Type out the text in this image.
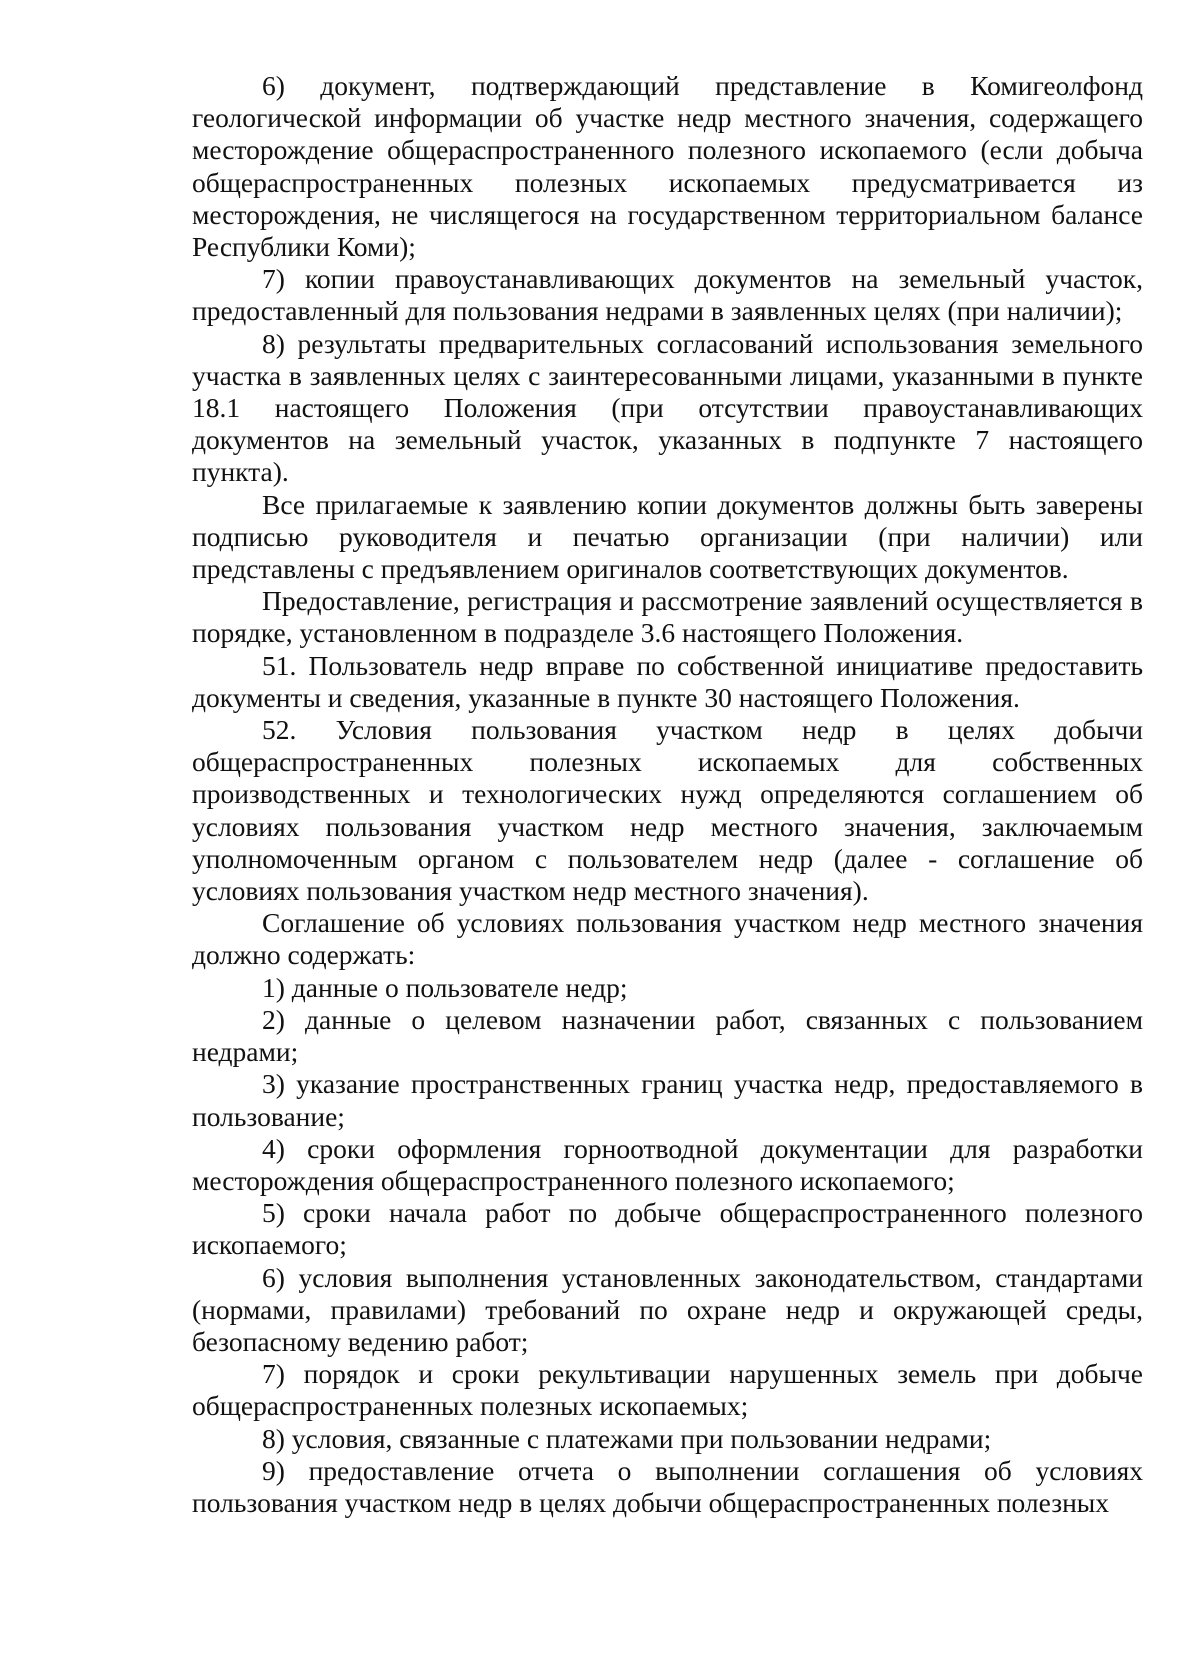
6) документ, подтверждающий представление в Комигеолфонд геологической информации об участке недр местного значения, содержащего месторождение общераспространенного полезного ископаемого (если добыча общераспространенных полезных ископаемых предусматривается из месторождения, не числящегося на государственном территориальном балансе Республики Коми);

7) копии правоустанавливающих документов на земельный участок, предоставленный для пользования недрами в заявленных целях (при наличии);

8) результаты предварительных согласований использования земельного участка в заявленных целях с заинтересованными лицами, указанными в пункте 18.1 настоящего Положения (при отсутствии правоустанавливающих документов на земельный участок, указанных в подпункте 7 настоящего пункта).

Все прилагаемые к заявлению копии документов должны быть заверены подписью руководителя и печатью организации (при наличии) или представлены с предъявлением оригиналов соответствующих документов.

Предоставление, регистрация и рассмотрение заявлений осуществляется в порядке, установленном в подразделе 3.6 настоящего Положения.

51. Пользователь недр вправе по собственной инициативе предоставить документы и сведения, указанные в пункте 30 настоящего Положения.

52. Условия пользования участком недр в целях добычи общераспространенных полезных ископаемых для собственных производственных и технологических нужд определяются соглашением об условиях пользования участком недр местного значения, заключаемым уполномоченным органом с пользователем недр (далее - соглашение об условиях пользования участком недр местного значения).

Соглашение об условиях пользования участком недр местного значения должно содержать:

1) данные о пользователе недр;

2) данные о целевом назначении работ, связанных с пользованием недрами;

3) указание пространственных границ участка недр, предоставляемого в пользование;

4) сроки оформления горноотводной документации для разработки месторождения общераспространенного полезного ископаемого;

5) сроки начала работ по добыче общераспространенного полезного ископаемого;

6) условия выполнения установленных законодательством, стандартами (нормами, правилами) требований по охране недр и окружающей среды, безопасному ведению работ;

7) порядок и сроки рекультивации нарушенных земель при добыче общераспространенных полезных ископаемых;

8) условия, связанные с платежами при пользовании недрами;

9) предоставление отчета о выполнении соглашения об условиях пользования участком недр в целях добычи общераспространенных полезных
